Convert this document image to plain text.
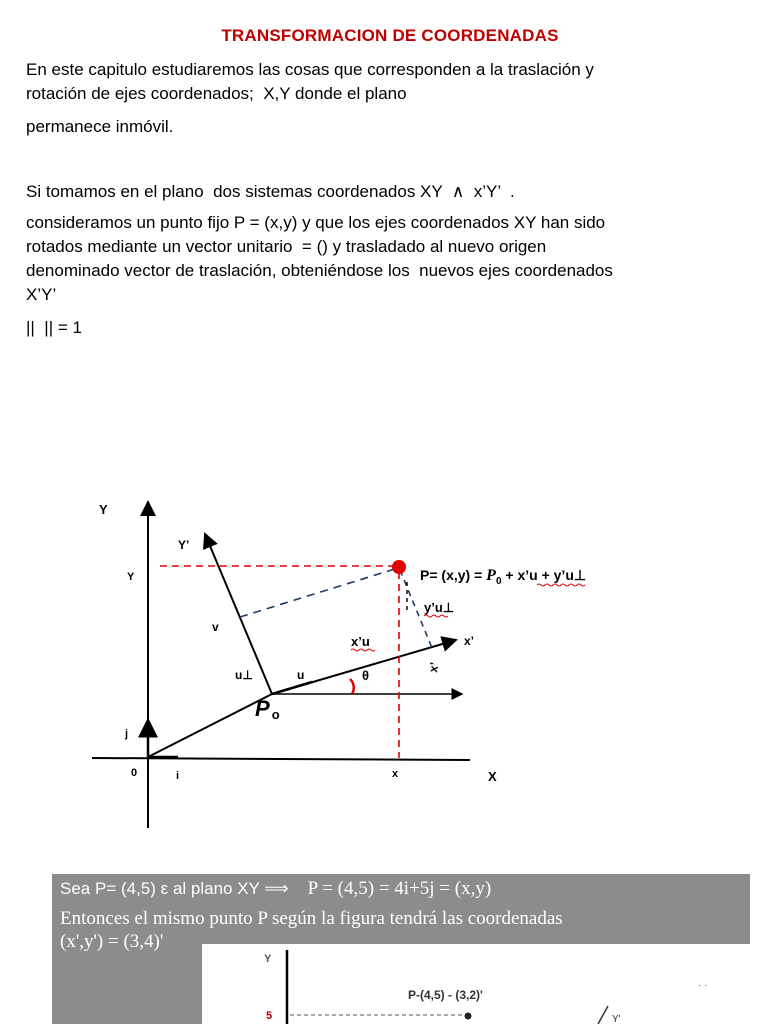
TRANSFORMACION DE COORDENADAS
En este capitulo estudiaremos las cosas que corresponden a la traslación y
rotación de ejes coordenados;  X,Y donde el plano
permanece inmóvil.
Si tomamos en el plano  dos sistemas coordenados XY  ∧  x’Y’  .
consideramos un punto fijo P = (x,y) y que los ejes coordenados XY han sido
rotados mediante un vector unitario  = () y trasladado al nuevo origen
denominado vector de traslación, obteniéndose los  nuevos ejes coordenados
X’Y’
||  || = 1
Y
Y
X
x
0	i
j
Y’
x’
x’
$P= (x,y) = P_0$ + x’u + y’u⊥
y’u⊥
x’u
u⊥	u
v
θ
Po
Sea P= (4,5) ε al plano XY ⟹ P = (4,5) = 4i+5j = (x,y)
Entonces el mismo punto P según la figura tendrá las coordenadas
(x',y') = (3,4)'
Y
P-(4,5) - (3,2)'
5	Y'
· ·
